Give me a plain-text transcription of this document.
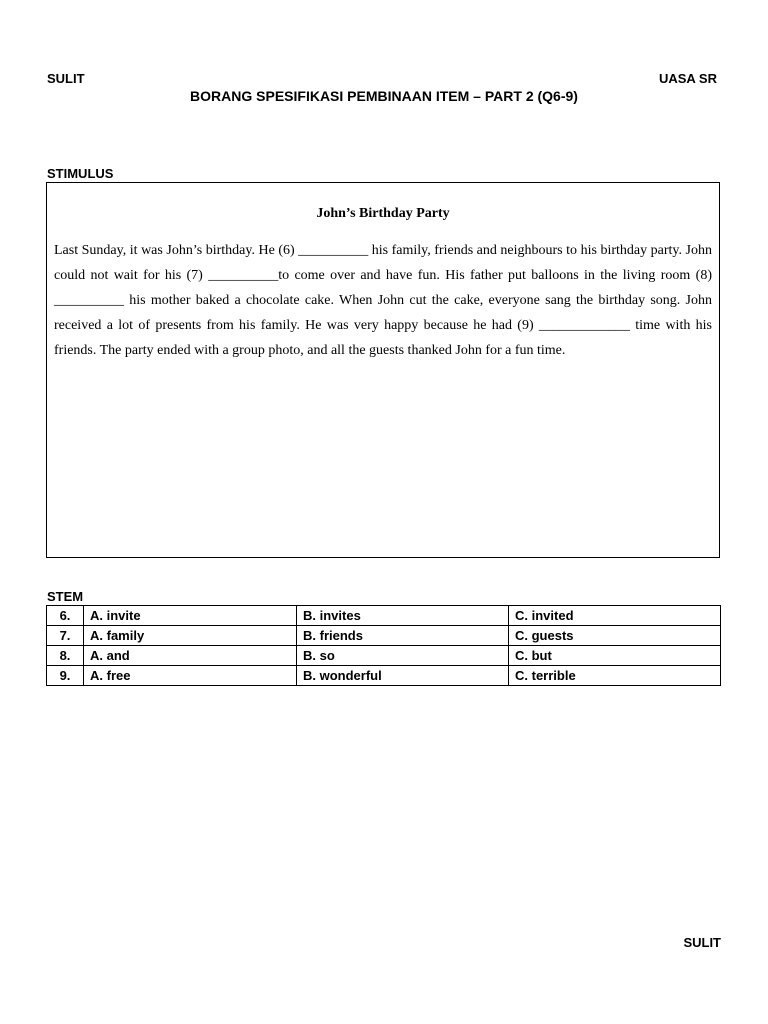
SULIT	UASA SR
BORANG SPESIFIKASI PEMBINAAN ITEM – PART 2 (Q6-9)
STIMULUS
John’s Birthday Party
Last Sunday, it was John’s birthday. He (6) __________ his family, friends and neighbours to his birthday party. John could not wait for his (7) __________to come over and have fun. His father put balloons in the living room (8) __________ his mother baked a chocolate cake. When John cut the cake, everyone sang the birthday song. John received a lot of presents from his family. He was very happy because he had (9) _____________ time with his friends. The party ended with a group photo, and all the guests thanked John for a fun time.
STEM
6.	A. invite	B. invites	C. invited
7.	A. family	B. friends	C. guests
8.	A. and	B. so	C. but
9.	A. free	B. wonderful	C. terrible
SULIT
